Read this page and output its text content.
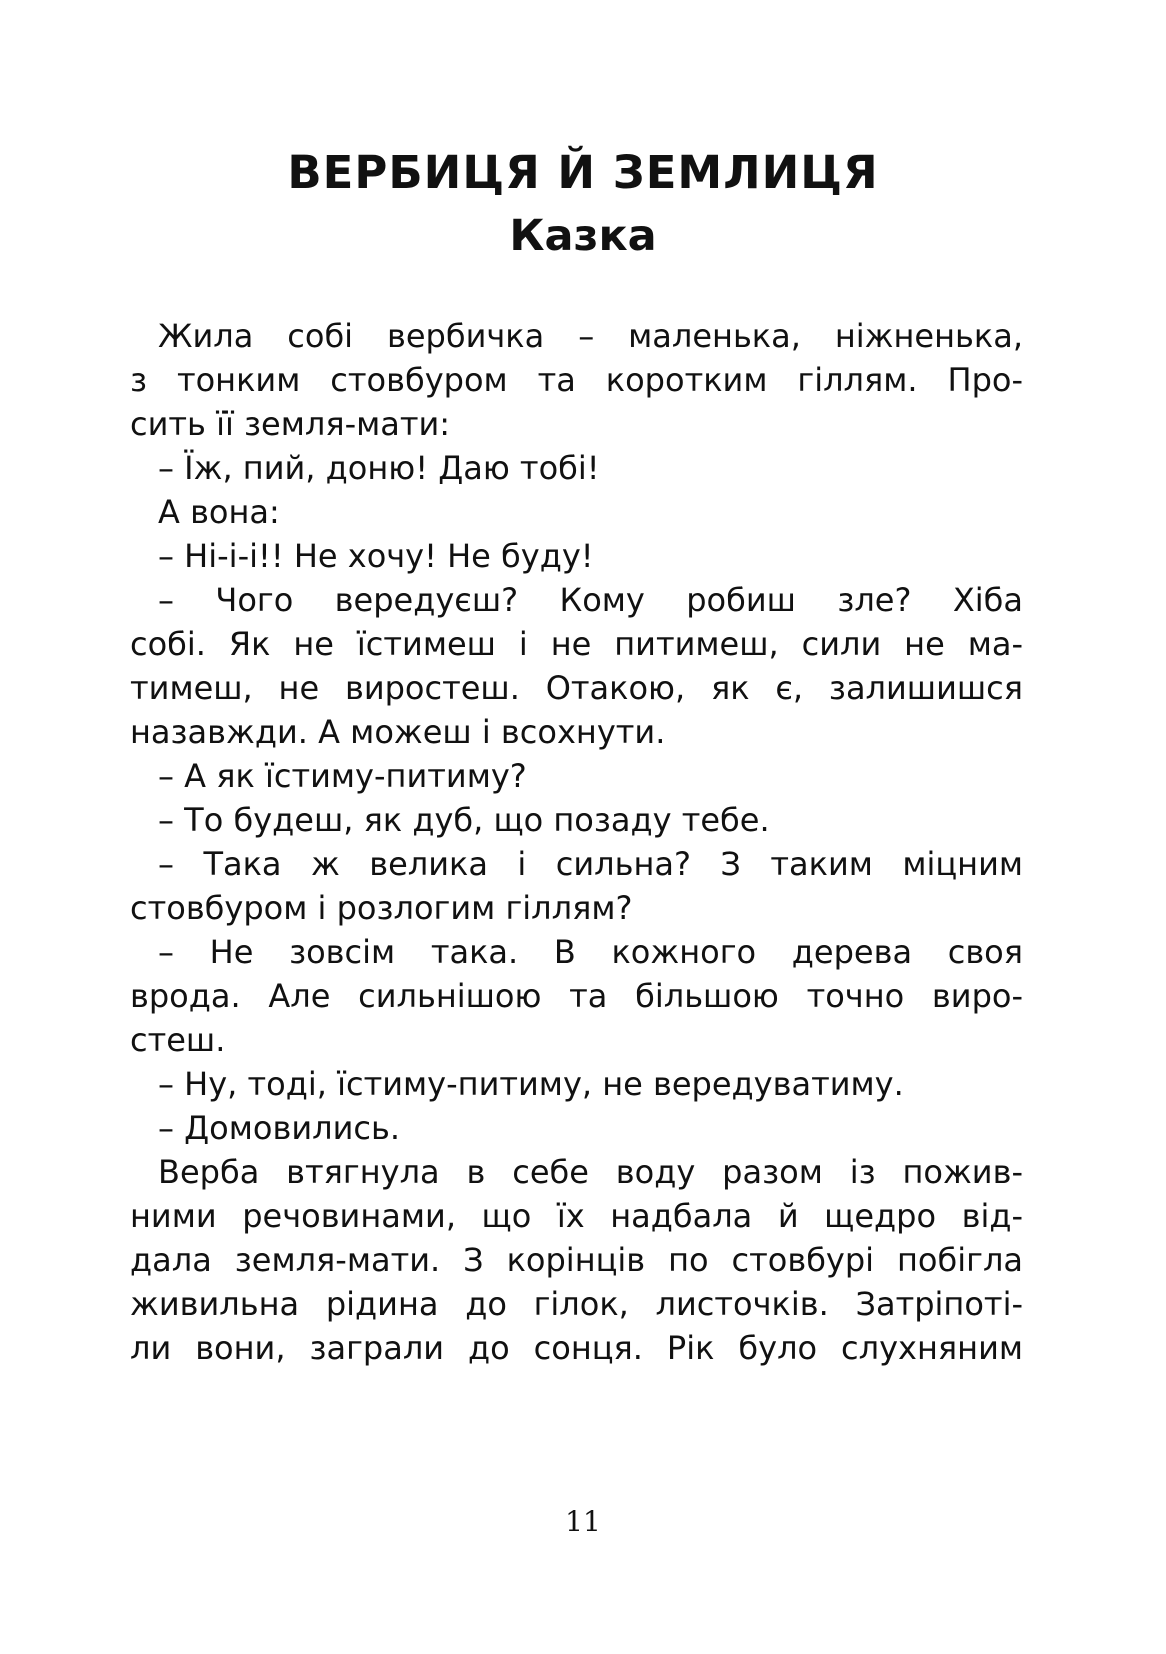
ВЕРБИЦЯ Й ЗЕМЛИЦЯ
Казка
Жила собі вербичка – маленька, ніжненька,
з тонким стовбуром та коротким гіллям. Про-
сить її земля-мати:
– Їж, пий, доню! Даю тобі!
А вона:
– Ні-і-і!! Не хочу! Не буду!
– Чого вередуєш? Кому робиш зле? Хіба
собі. Як не їстимеш і не питимеш, сили не ма-
тимеш, не виростеш. Отакою, як є, залишишся
назавжди. А можеш і всохнути.
– А як їстиму-питиму?
– То будеш, як дуб, що позаду тебе.
– Така ж велика і сильна? З таким міцним
стовбуром і розлогим гіллям?
– Не зовсім така. В кожного дерева своя
врода. Але сильнішою та більшою точно виро-
стеш.
– Ну, тоді, їстиму-питиму, не вередуватиму.
– Домовились.
Верба втягнула в себе воду разом із пожив-
ними речовинами, що їх надбала й щедро від-
дала земля-мати. З корінців по стовбурі побігла
живильна рідина до гілок, листочків. Затріпоті-
ли вони, заграли до сонця. Рік було слухняним
11
